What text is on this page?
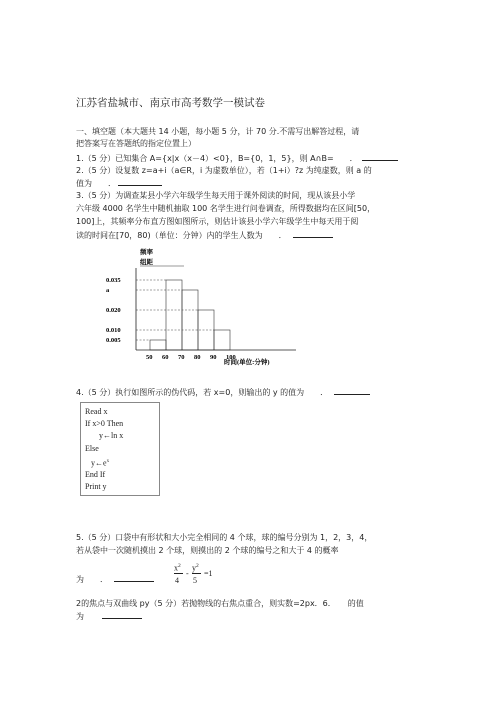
江苏省盐城市、南京市高考数学一模试卷
一、填空题（本大题共 14 小题，每小题 5 分，计 70 分.不需写出解答过程，请
把答案写在答题纸的指定位置上）
1.（5 分）已知集合 A={x|x（x－4）<0}，B={0，1，5}，则 A∩B=　　．
2.（5 分）设复数 z=a+i（a∈R，i 为虚数单位），若（1+i）?z 为纯虚数，则 a 的
值为　　．
3.（5 分）为调查某县小学六年级学生每天用于课外阅读的时间，现从该县小学
六年级 4000 名学生中随机抽取 100 名学生进行问卷调查，所得数据均在区间[50，
100]上，其频率分布直方图如图所示，则估计该县小学六年级学生中每天用于阅
读的时间在[70，80)（单位：分钟）内的学生人数为　　．
频率
组距
0.035
a
0.020
0.010
0.005
50 60 70 80 90 100
时间(单位:分钟)
4.（5 分）执行如图所示的伪代码，若 x=0，则输出的 y 的值为　　．
Read x
If x>0 Then
y←ln x
Else
$y\leftarrow e^x$
End If
Print y
5.（5 分）口袋中有形状和大小完全相同的 4 个球，球的编号分别为 1，2，3，4，
若从袋中一次随机摸出 2 个球，则摸出的 2 个球的编号之和大于 4 的概率
为　　．
$x^2$
4
-
$y^2$
5
=1
2的焦点与双曲线 py（5 分）若抛物线的右焦点重合，则实数=2px．6．　　的值
为
